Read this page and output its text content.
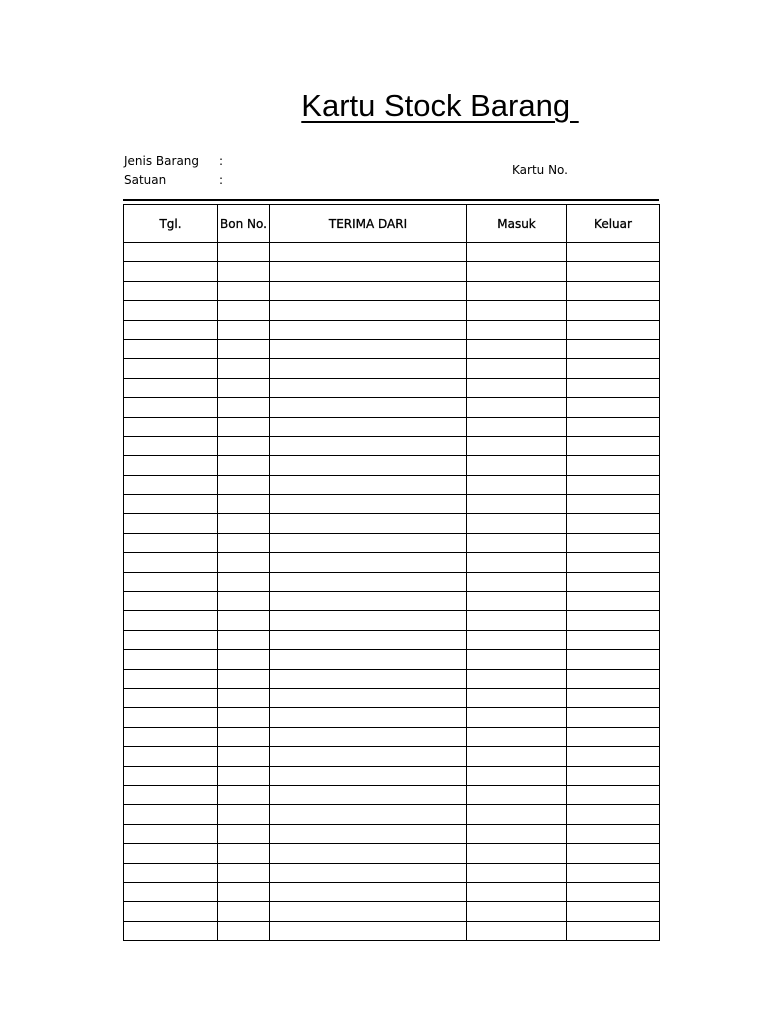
Kartu Stock Barang
Jenis Barang :
Satuan	:
Kartu No.
Tgl.	Bon No.	TERIMA DARI	Masuk	Keluar
